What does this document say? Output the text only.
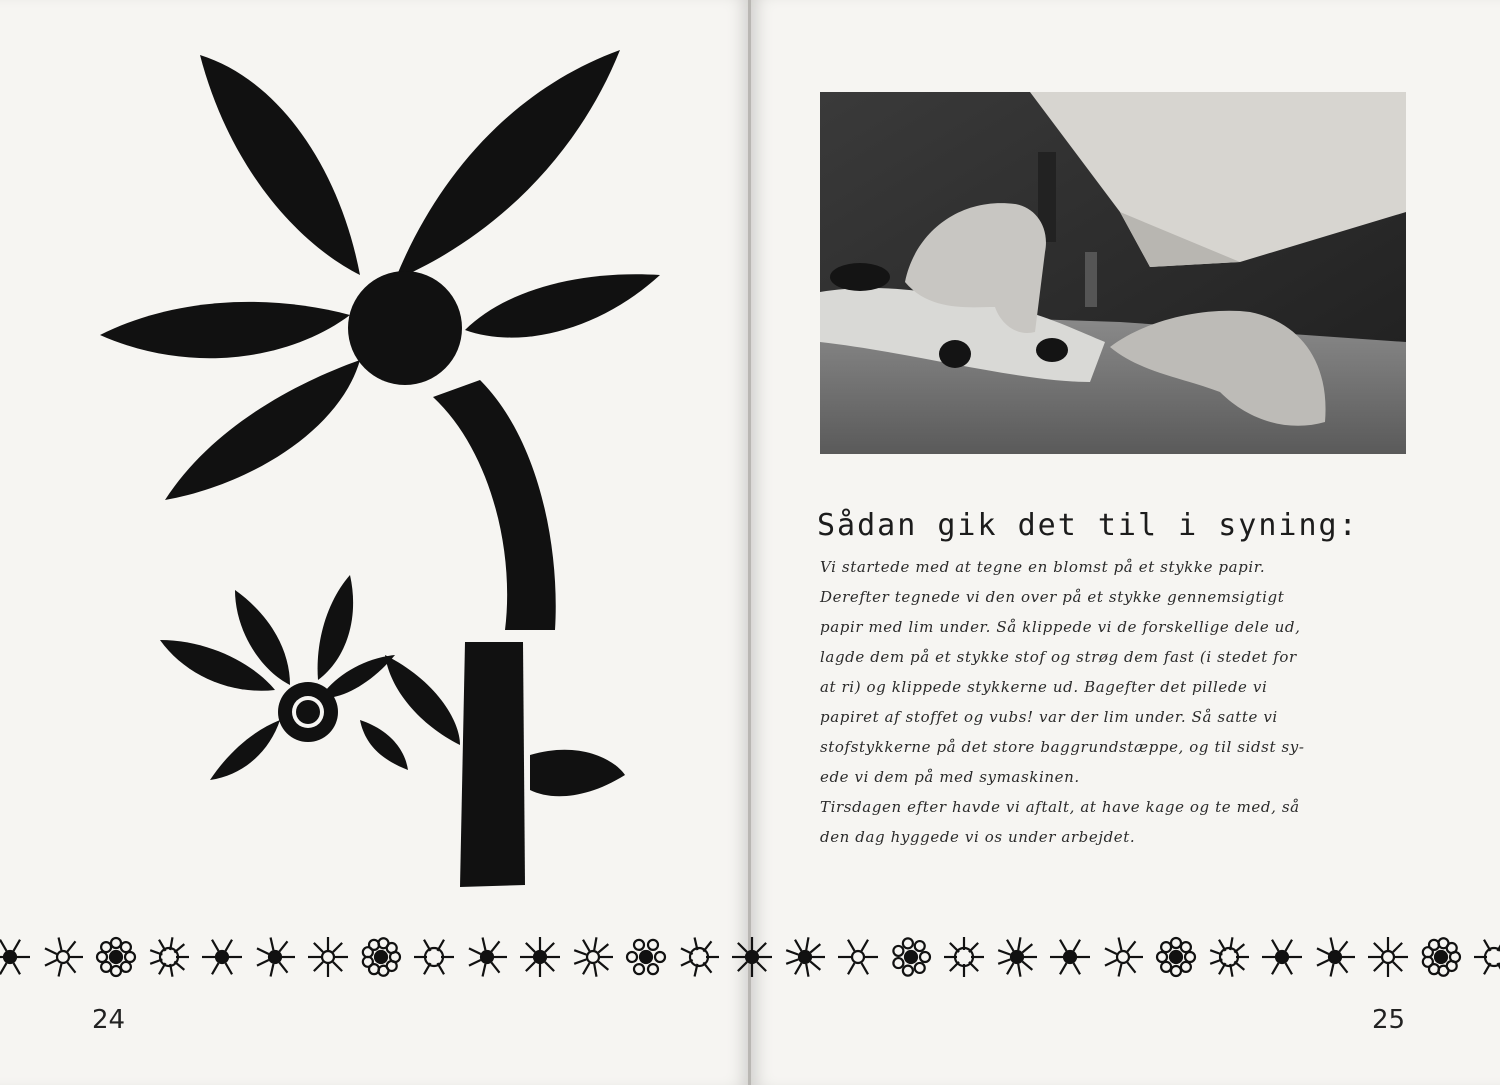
24
Sådan gik det til i syning:

Vi startede med at tegne en blomst på et stykke papir.

Derefter tegnede vi den over på et stykke gennemsigtigt

papir med lim under. Så klippede vi de forskellige dele ud,

lagde dem på et stykke stof og strøg dem fast (i stedet for

at ri) og klippede stykkerne ud. Bagefter det pillede vi

papiret af stoffet og vubs! var der lim under. Så satte vi

stofstykkerne på det store baggrundstæppe, og til sidst sy-

ede vi dem på med symaskinen.

Tirsdagen efter havde vi aftalt, at have kage og te med, så

den dag hyggede vi os under arbejdet.

25
